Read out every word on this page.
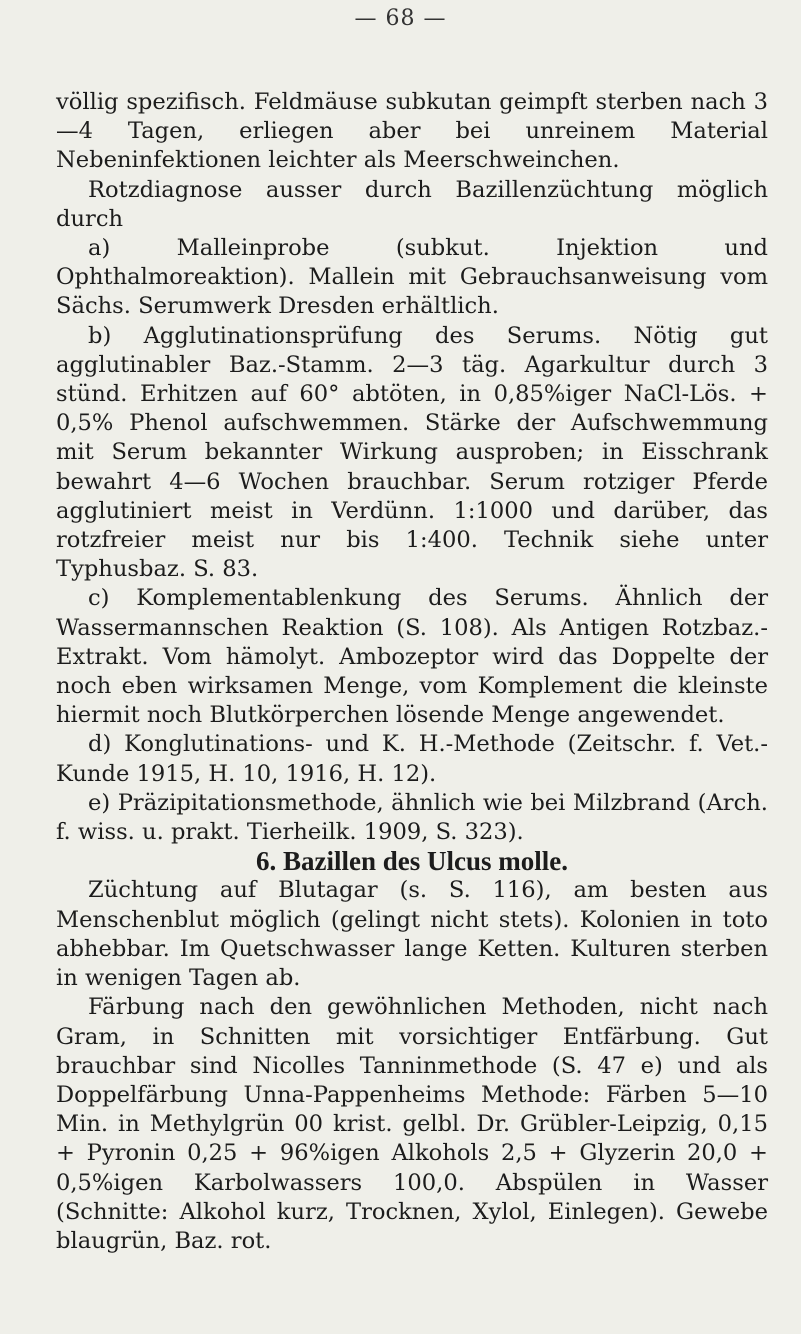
— 68 —

völlig spezifisch. Feldmäuse subkutan geimpft sterben nach 3—4 Tagen, erliegen aber bei unreinem Material Nebeninfektionen leichter als Meerschweinchen.

Rotzdiagnose ausser durch Bazillenzüchtung möglich durch

a) Malleinprobe (subkut. Injektion und Ophthalmoreaktion). Mallein mit Gebrauchsanweisung vom Sächs. Serumwerk Dresden erhältlich.

b) Agglutinationsprüfung des Serums. Nötig gut agglutinabler Baz.-Stamm. 2—3 täg. Agarkultur durch 3 stünd. Erhitzen auf 60° abtöten, in 0,85%iger NaCl-Lös. + 0,5% Phenol aufschwemmen. Stärke der Aufschwemmung mit Serum bekannter Wirkung ausproben; in Eisschrank bewahrt 4—6 Wochen brauchbar. Serum rotziger Pferde agglutiniert meist in Verdünn. 1:1000 und darüber, das rotzfreier meist nur bis 1:400. Technik siehe unter Typhusbaz. S. 83.

c) Komplementablenkung des Serums. Ähnlich der Wassermannschen Reaktion (S. 108). Als Antigen Rotzbaz.-Extrakt. Vom hämolyt. Ambozeptor wird das Doppelte der noch eben wirksamen Menge, vom Komplement die kleinste hiermit noch Blutkörperchen lösende Menge angewendet.

d) Konglutinations- und K. H.-Methode (Zeitschr. f. Vet.-Kunde 1915, H. 10, 1916, H. 12).

e) Präzipitationsmethode, ähnlich wie bei Milzbrand (Arch. f. wiss. u. prakt. Tierheilk. 1909, S. 323).

6. Bazillen des Ulcus molle.

Züchtung auf Blutagar (s. S. 116), am besten aus Menschenblut möglich (gelingt nicht stets). Kolonien in toto abhebbar. Im Quetschwasser lange Ketten. Kulturen sterben in wenigen Tagen ab.

Färbung nach den gewöhnlichen Methoden, nicht nach Gram, in Schnitten mit vorsichtiger Entfärbung. Gut brauchbar sind Nicolles Tanninmethode (S. 47 e) und als Doppelfärbung Unna-Pappenheims Methode: Färben 5—10 Min. in Methylgrün 00 krist. gelbl. Dr. Grübler-Leipzig, 0,15 + Pyronin 0,25 + 96%igen Alkohols 2,5 + Glyzerin 20,0 + 0,5%igen Karbolwassers 100,0. Abspülen in Wasser (Schnitte: Alkohol kurz, Trocknen, Xylol, Einlegen). Gewebe blaugrün, Baz. rot.
